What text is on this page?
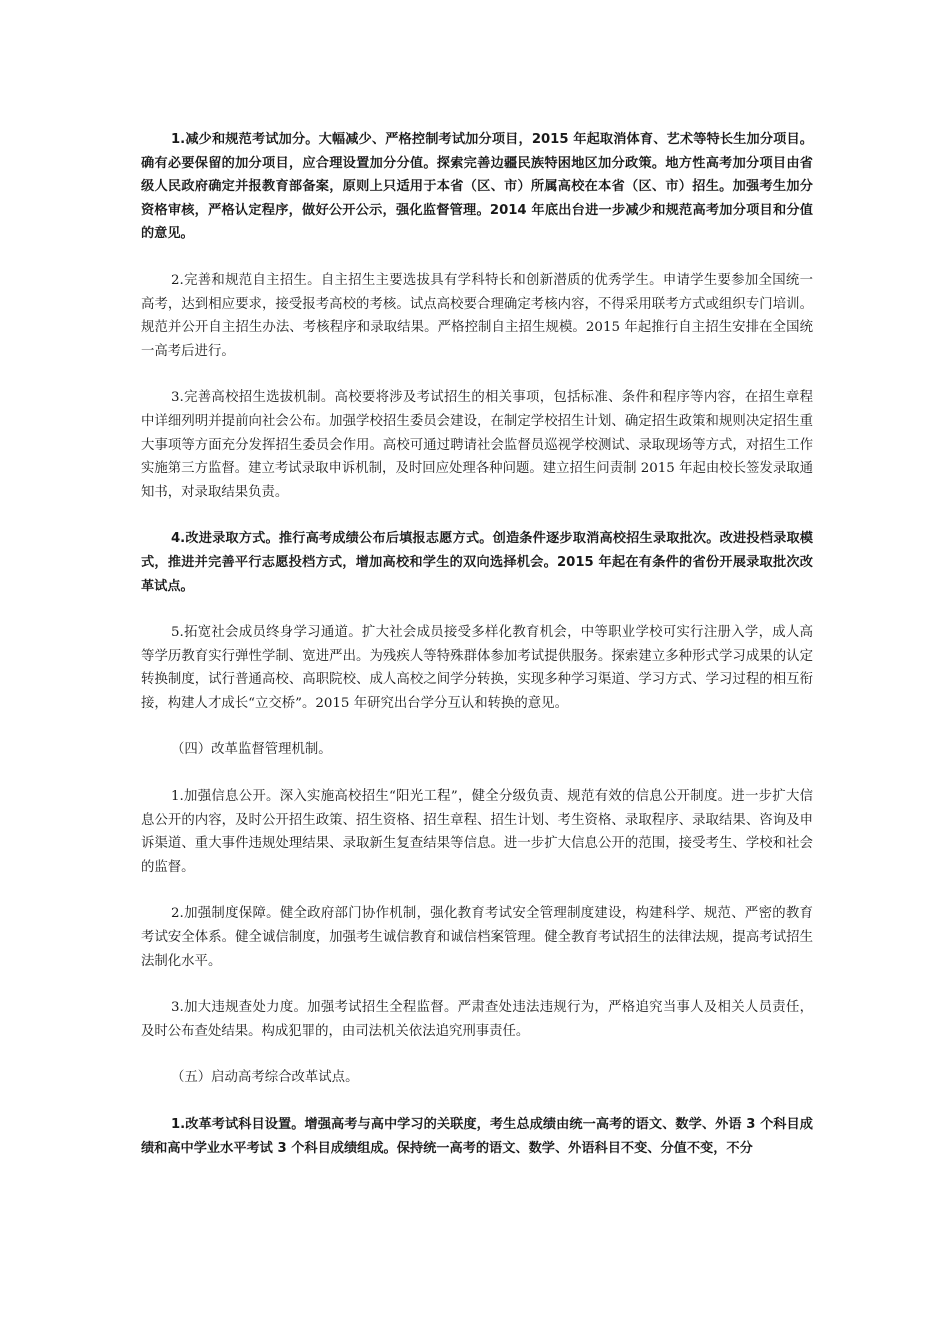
1.减少和规范考试加分。大幅减少、严格控制考试加分项目，2015 年起取消体育、艺术等特长生加分项目。确有必要保留的加分项目，应合理设置加分分值。探索完善边疆民族特困地区加分政策。地方性高考加分项目由省级人民政府确定并报教育部备案，原则上只适用于本省（区、市）所属高校在本省（区、市）招生。加强考生加分资格审核，严格认定程序，做好公开公示，强化监督管理。2014 年底出台进一步减少和规范高考加分项目和分值的意见。

2.完善和规范自主招生。自主招生主要选拔具有学科特长和创新潜质的优秀学生。申请学生要参加全国统一高考，达到相应要求，接受报考高校的考核。试点高校要合理确定考核内容，不得采用联考方式或组织专门培训。规范并公开自主招生办法、考核程序和录取结果。严格控制自主招生规模。2015 年起推行自主招生安排在全国统一高考后进行。

3.完善高校招生选拔机制。高校要将涉及考试招生的相关事项，包括标准、条件和程序等内容，在招生章程中详细列明并提前向社会公布。加强学校招生委员会建设，在制定学校招生计划、确定招生政策和规则决定招生重大事项等方面充分发挥招生委员会作用。高校可通过聘请社会监督员巡视学校测试、录取现场等方式，对招生工作实施第三方监督。建立考试录取申诉机制，及时回应处理各种问题。建立招生问责制 2015 年起由校长签发录取通知书，对录取结果负责。

4.改进录取方式。推行高考成绩公布后填报志愿方式。创造条件逐步取消高校招生录取批次。改进投档录取模式，推进并完善平行志愿投档方式，增加高校和学生的双向选择机会。2015 年起在有条件的省份开展录取批次改革试点。

5.拓宽社会成员终身学习通道。扩大社会成员接受多样化教育机会，中等职业学校可实行注册入学，成人高等学历教育实行弹性学制、宽进严出。为残疾人等特殊群体参加考试提供服务。探索建立多种形式学习成果的认定转换制度，试行普通高校、高职院校、成人高校之间学分转换，实现多种学习渠道、学习方式、学习过程的相互衔接，构建人才成长“立交桥”。2015 年研究出台学分互认和转换的意见。

（四）改革监督管理机制。

1.加强信息公开。深入实施高校招生“阳光工程”，健全分级负责、规范有效的信息公开制度。进一步扩大信息公开的内容，及时公开招生政策、招生资格、招生章程、招生计划、考生资格、录取程序、录取结果、咨询及申诉渠道、重大事件违规处理结果、录取新生复查结果等信息。进一步扩大信息公开的范围，接受考生、学校和社会的监督。

2.加强制度保障。健全政府部门协作机制，强化教育考试安全管理制度建设，构建科学、规范、严密的教育考试安全体系。健全诚信制度，加强考生诚信教育和诚信档案管理。健全教育考试招生的法律法规，提高考试招生法制化水平。

3.加大违规查处力度。加强考试招生全程监督。严肃查处违法违规行为，严格追究当事人及相关人员责任，及时公布查处结果。构成犯罪的，由司法机关依法追究刑事责任。

（五）启动高考综合改革试点。

1.改革考试科目设置。增强高考与高中学习的关联度，考生总成绩由统一高考的语文、数学、外语 3 个科目成绩和高中学业水平考试 3 个科目成绩组成。保持统一高考的语文、数学、外语科目不变、分值不变，不分
